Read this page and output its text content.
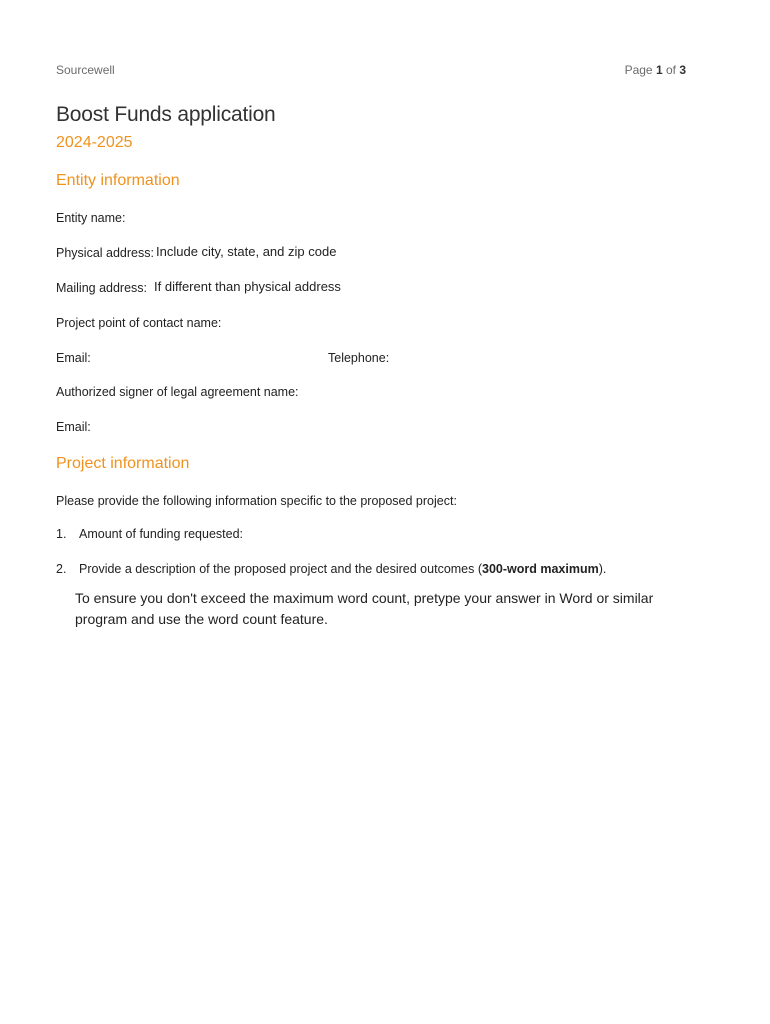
Sourcewell	Page 1 of 3
Boost Funds application
2024-2025
Entity information
Entity name:
Physical address: Include city, state, and zip code
Mailing address: If different than physical address
Project point of contact name:
Email:	Telephone:
Authorized signer of legal agreement name:
Email:
Project information
Please provide the following information specific to the proposed project:
1. Amount of funding requested:
2. Provide a description of the proposed project and the desired outcomes (300-word maximum).
To ensure you don't exceed the maximum word count, pretype your answer in Word or similar program and use the word count feature.
